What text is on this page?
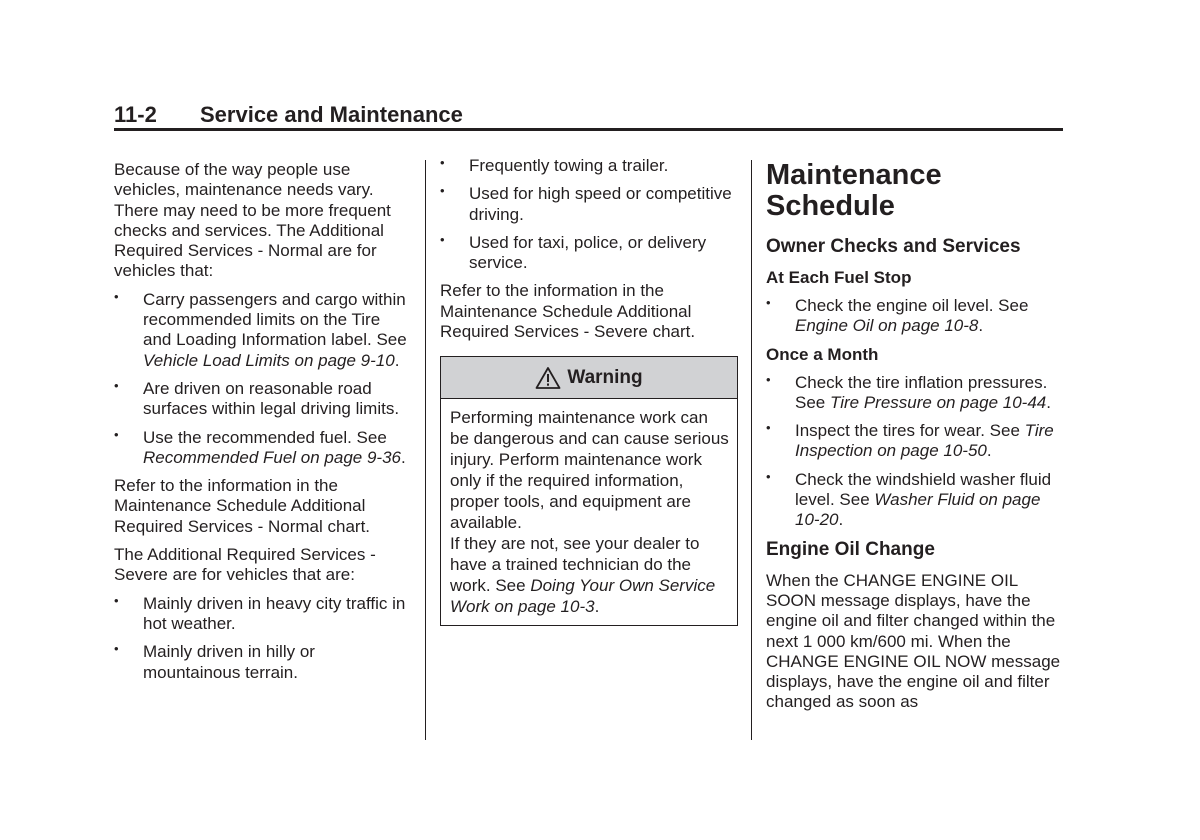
11-2 Service and Maintenance

Because of the way people use vehicles, maintenance needs vary. There may need to be more frequent checks and services. The Additional Required Services - Normal are for vehicles that:

• Carry passengers and cargo within recommended limits on the Tire and Loading Information label. See Vehicle Load Limits on page 9-10.
• Are driven on reasonable road surfaces within legal driving limits.
• Use the recommended fuel. See Recommended Fuel on page 9-36.

Refer to the information in the Maintenance Schedule Additional Required Services - Normal chart.

The Additional Required Services - Severe are for vehicles that are:

• Mainly driven in heavy city traffic in hot weather.
• Mainly driven in hilly or mountainous terrain.
• Frequently towing a trailer.
• Used for high speed or competitive driving.
• Used for taxi, police, or delivery service.

Refer to the information in the Maintenance Schedule Additional Required Services - Severe chart.

Warning
Performing maintenance work can be dangerous and can cause serious injury. Perform maintenance work only if the required information, proper tools, and equipment are available.
If they are not, see your dealer to have a trained technician do the work. See Doing Your Own Service Work on page 10-3.
Maintenance Schedule
Owner Checks and Services
At Each Fuel Stop
• Check the engine oil level. See Engine Oil on page 10-8.
Once a Month
• Check the tire inflation pressures. See Tire Pressure on page 10-44.
• Inspect the tires for wear. See Tire Inspection on page 10-50.
• Check the windshield washer fluid level. See Washer Fluid on page 10-20.
Engine Oil Change

When the CHANGE ENGINE OIL SOON message displays, have the engine oil and filter changed within the next 1 000 km/600 mi. When the CHANGE ENGINE OIL NOW message displays, have the engine oil and filter changed as soon as
